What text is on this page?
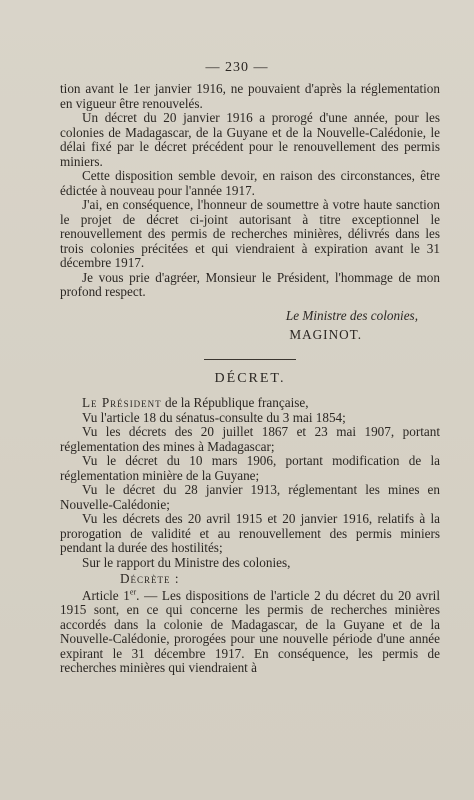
— 230 —

tion avant le 1er janvier 1916, ne pouvaient d'après la réglementation en vigueur être renouvelés.

Un décret du 20 janvier 1916 a prorogé d'une année, pour les colonies de Madagascar, de la Guyane et de la Nouvelle-Calédonie, le délai fixé par le décret précédent pour le renouvellement des permis miniers.

Cette disposition semble devoir, en raison des circonstances, être édictée à nouveau pour l'année 1917.

J'ai, en conséquence, l'honneur de soumettre à votre haute sanction le projet de décret ci-joint autorisant à titre exceptionnel le renouvellement des permis de recherches minières, délivrés dans les trois colonies précitées et qui viendraient à expiration avant le 31 décembre 1917.

Je vous prie d'agréer, Monsieur le Président, l'hommage de mon profond respect.

Le Ministre des colonies,

MAGINOT.

DÉCRET.

Le Président de la République française,

Vu l'article 18 du sénatus-consulte du 3 mai 1854;

Vu les décrets des 20 juillet 1867 et 23 mai 1907, portant réglementation des mines à Madagascar;

Vu le décret du 10 mars 1906, portant modification de la réglementation minière de la Guyane;

Vu le décret du 28 janvier 1913, réglementant les mines en Nouvelle-Calédonie;

Vu les décrets des 20 avril 1915 et 20 janvier 1916, relatifs à la prorogation de validité et au renouvellement des permis miniers pendant la durée des hostilités;

Sur le rapport du Ministre des colonies,

Décrète :

Article 1er. — Les dispositions de l'article 2 du décret du 20 avril 1915 sont, en ce qui concerne les permis de recherches minières accordés dans la colonie de Madagascar, de la Guyane et de la Nouvelle-Calédonie, prorogées pour une nouvelle période d'une année expirant le 31 décembre 1917. En conséquence, les permis de recherches minières qui viendraient à
